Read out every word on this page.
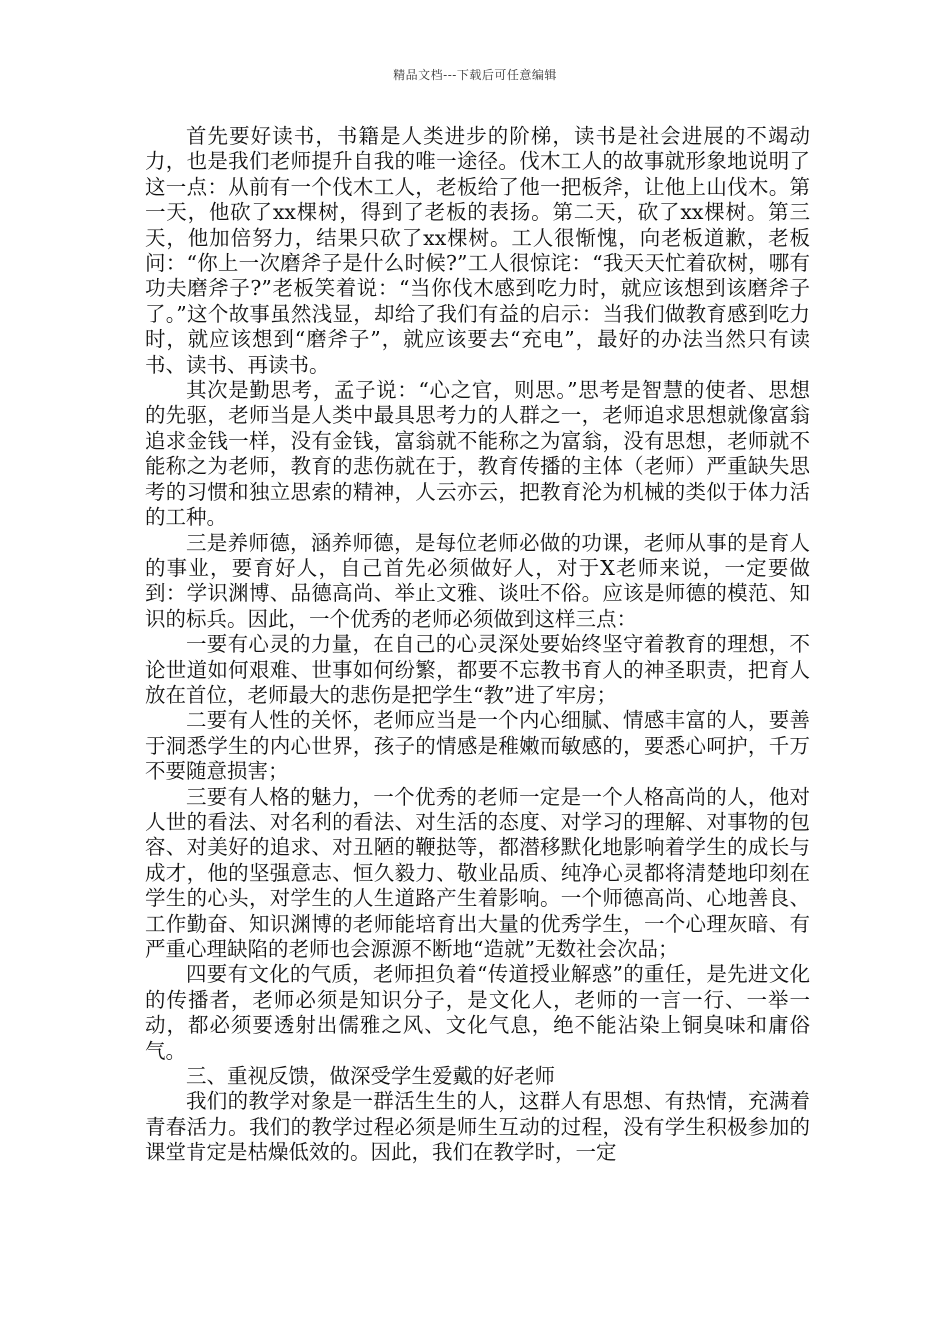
精品文档---下载后可任意编辑

首先要好读书，书籍是人类进步的阶梯，读书是社会进展的不竭动力，也是我们老师提升自我的唯一途径。伐木工人的故事就形象地说明了这一点：从前有一个伐木工人，老板给了他一把板斧，让他上山伐木。第一天，他砍了xx棵树，得到了老板的表扬。第二天，砍了xx棵树。第三天，他加倍努力，结果只砍了xx棵树。工人很惭愧，向老板道歉，老板问：“你上一次磨斧子是什么时候?”工人很惊诧：“我天天忙着砍树，哪有功夫磨斧子?”老板笑着说：“当你伐木感到吃力时，就应该想到该磨斧子了。”这个故事虽然浅显，却给了我们有益的启示：当我们做教育感到吃力时，就应该想到“磨斧子”，就应该要去“充电”，最好的办法当然只有读书、读书、再读书。

其次是勤思考，孟子说：“心之官，则思。”思考是智慧的使者、思想的先驱，老师当是人类中最具思考力的人群之一，老师追求思想就像富翁追求金钱一样，没有金钱，富翁就不能称之为富翁，没有思想，老师就不能称之为老师，教育的悲伤就在于，教育传播的主体（老师）严重缺失思考的习惯和独立思索的精神，人云亦云，把教育沦为机械的类似于体力活的工种。

三是养师德，涵养师德，是每位老师必做的功课，老师从事的是育人的事业，要育好人，自己首先必须做好人，对于X老师来说，一定要做到：学识渊博、品德高尚、举止文雅、谈吐不俗。应该是师德的模范、知识的标兵。因此，一个优秀的老师必须做到这样三点：

一要有心灵的力量，在自己的心灵深处要始终坚守着教育的理想，不论世道如何艰难、世事如何纷繁，都要不忘教书育人的神圣职责，把育人放在首位，老师最大的悲伤是把学生“教”进了牢房；

二要有人性的关怀，老师应当是一个内心细腻、情感丰富的人，要善于洞悉学生的内心世界，孩子的情感是稚嫩而敏感的，要悉心呵护，千万不要随意损害；

三要有人格的魅力，一个优秀的老师一定是一个人格高尚的人，他对人世的看法、对名利的看法、对生活的态度、对学习的理解、对事物的包容、对美好的追求、对丑陋的鞭挞等，都潜移默化地影响着学生的成长与成才，他的坚强意志、恒久毅力、敬业品质、纯净心灵都将清楚地印刻在学生的心头，对学生的人生道路产生着影响。一个师德高尚、心地善良、工作勤奋、知识渊博的老师能培育出大量的优秀学生，一个心理灰暗、有严重心理缺陷的老师也会源源不断地“造就”无数社会次品；

四要有文化的气质，老师担负着“传道授业解惑”的重任，是先进文化的传播者，老师必须是知识分子，是文化人，老师的一言一行、一举一动，都必须要透射出儒雅之风、文化气息，绝不能沾染上铜臭味和庸俗气。

三、重视反馈，做深受学生爱戴的好老师

我们的教学对象是一群活生生的人，这群人有思想、有热情，充满着青春活力。我们的教学过程必须是师生互动的过程，没有学生积极参加的课堂肯定是枯燥低效的。因此，我们在教学时，一定
